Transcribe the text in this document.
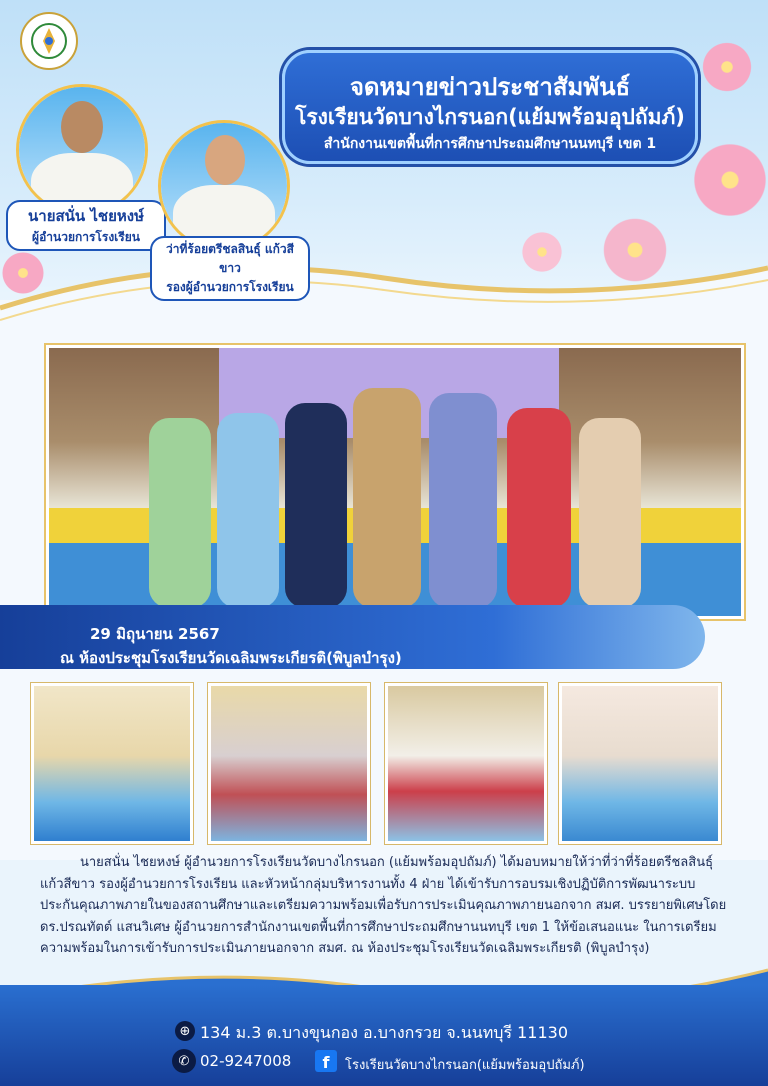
จดหมายข่าวประชาสัมพันธ์
โรงเรียนวัดบางไกรนอก(แย้มพร้อมอุปถัมภ์)
สำนักงานเขตพื้นที่การศึกษาประถมศึกษานนทบุรี เขต 1
นายสนั่น ไชยหงษ์
ผู้อำนวยการโรงเรียน
ว่าที่ร้อยตรีชลสินธุ์ แก้วสีขาว
รองผู้อำนวยการโรงเรียน
29 มิถุนายน 2567
ณ ห้องประชุมโรงเรียนวัดเฉลิมพระเกียรติ(พิบูลบำรุง)
นายสนั่น ไชยหงษ์ ผู้อำนวยการโรงเรียนวัดบางไกรนอก (แย้มพร้อมอุปถัมภ์) ได้มอบหมายให้ว่าที่ว่าที่ร้อยตรีชลสินธุ์ แก้วสีขาว รองผู้อำนวยการโรงเรียน และหัวหน้ากลุ่มบริหารงานทั้ง 4 ฝ่าย ได้เข้ารับการอบรมเชิงปฏิบัติการพัฒนาระบบประกันคุณภาพภายในของสถานศึกษาและเตรียมความพร้อมเพื่อรับการประเมินคุณภาพภายนอกจาก สมศ. บรรยายพิเศษโดย ดร.ปรณทัตต์ แสนวิเศษ ผู้อำนวยการสำนักงานเขตพื้นที่การศึกษาประถมศึกษานนทบุรี เขต 1 ให้ข้อเสนอแนะ ในการเตรียมความพร้อมในการเข้ารับการประเมินภายนอกจาก สมศ. ณ ห้องประชุมโรงเรียนวัดเฉลิมพระเกียรติ (พิบูลบำรุง)
⊕ 134 ม.3 ต.บางขุนกอง อ.บางกรวย จ.นนทบุรี 11130
✆ 02-9247008	f	โรงเรียนวัดบางไกรนอก(แย้มพร้อมอุปถัมภ์)
